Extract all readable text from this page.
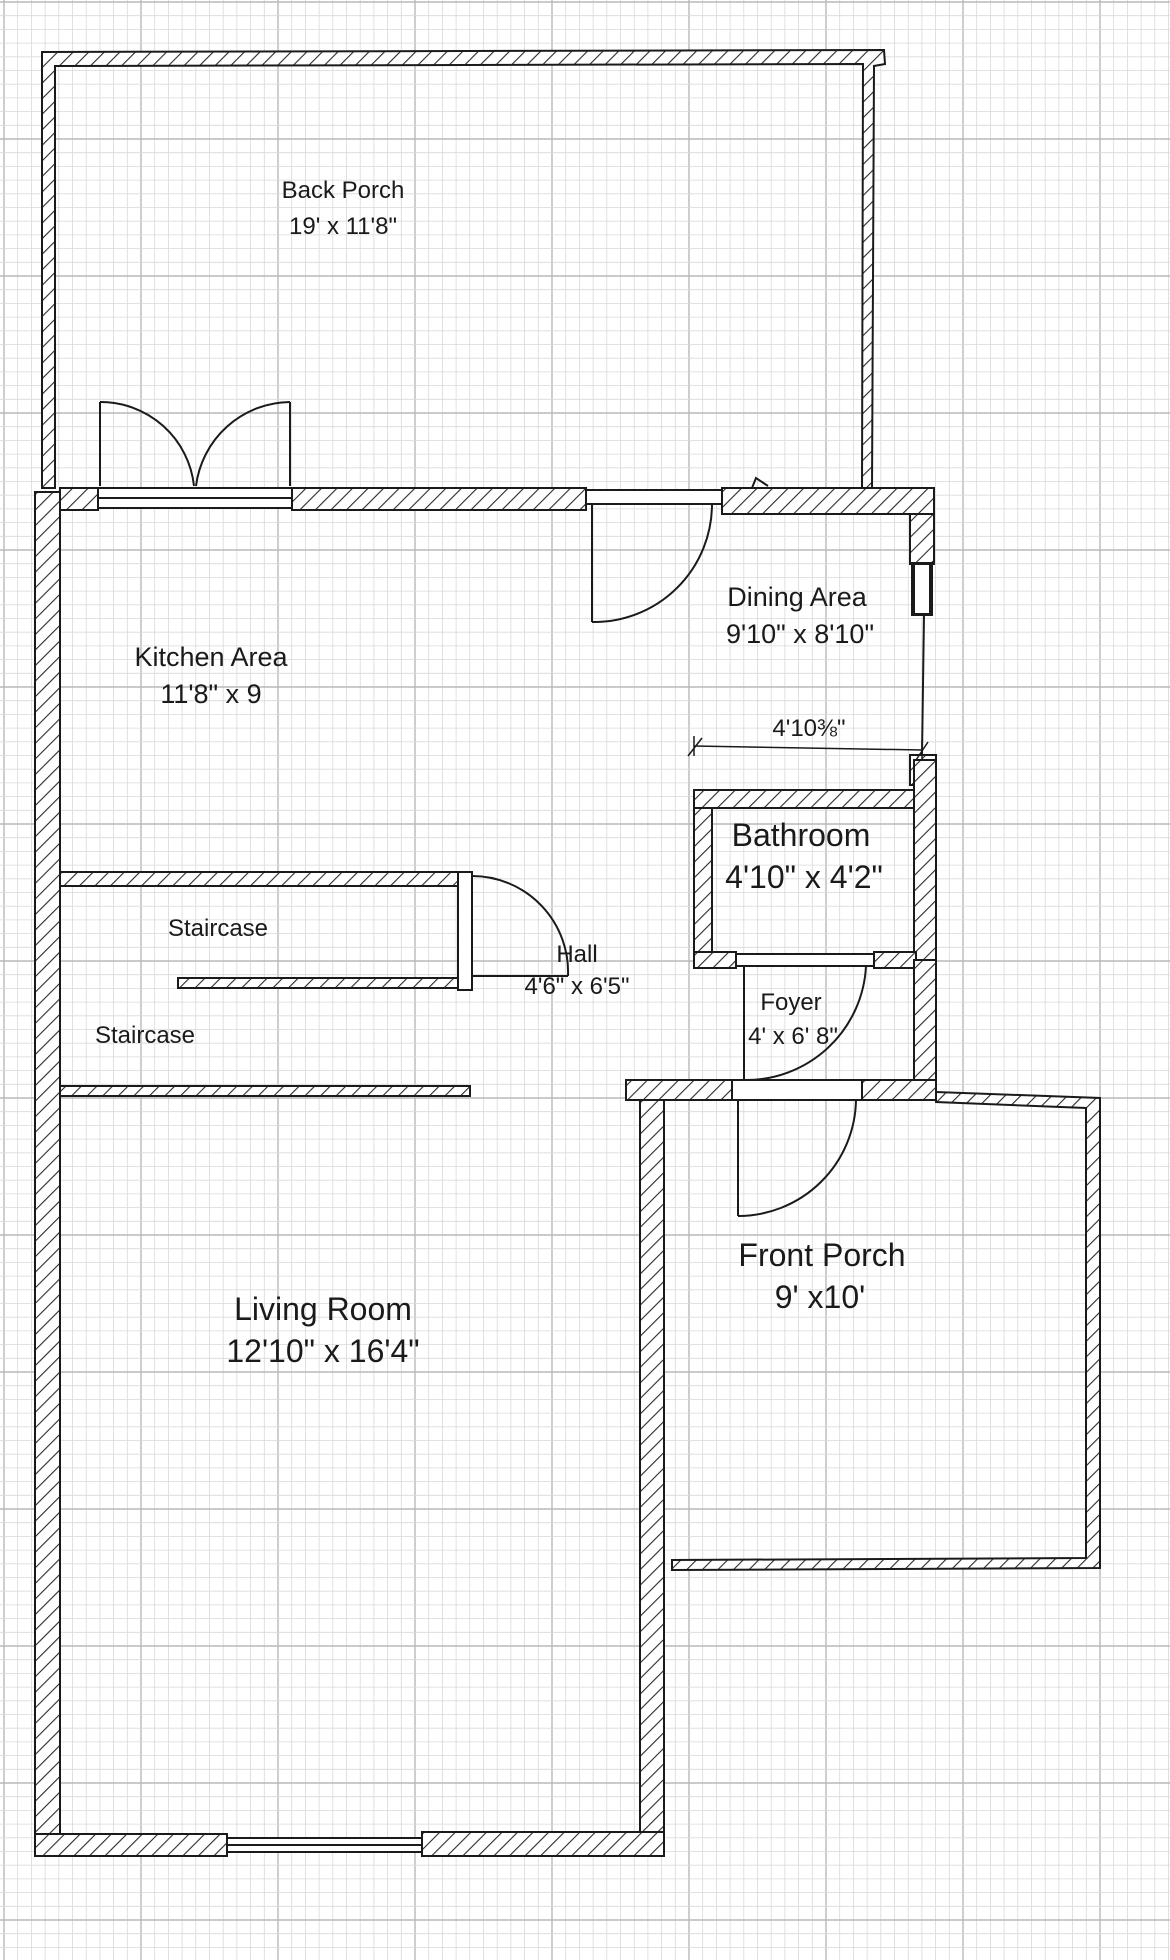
Back Porch
19' x 11'8"
Kitchen Area
11'8" x 9
Dining Area
9'10" x 8'10"
4'10⅜"
Bathroom
4'10" x 4'2"
Staircase
Staircase
Hall
4'6" x 6'5"
Foyer
4' x 6' 8"
Front Porch
9' x10'
Living Room
12'10" x 16'4"
